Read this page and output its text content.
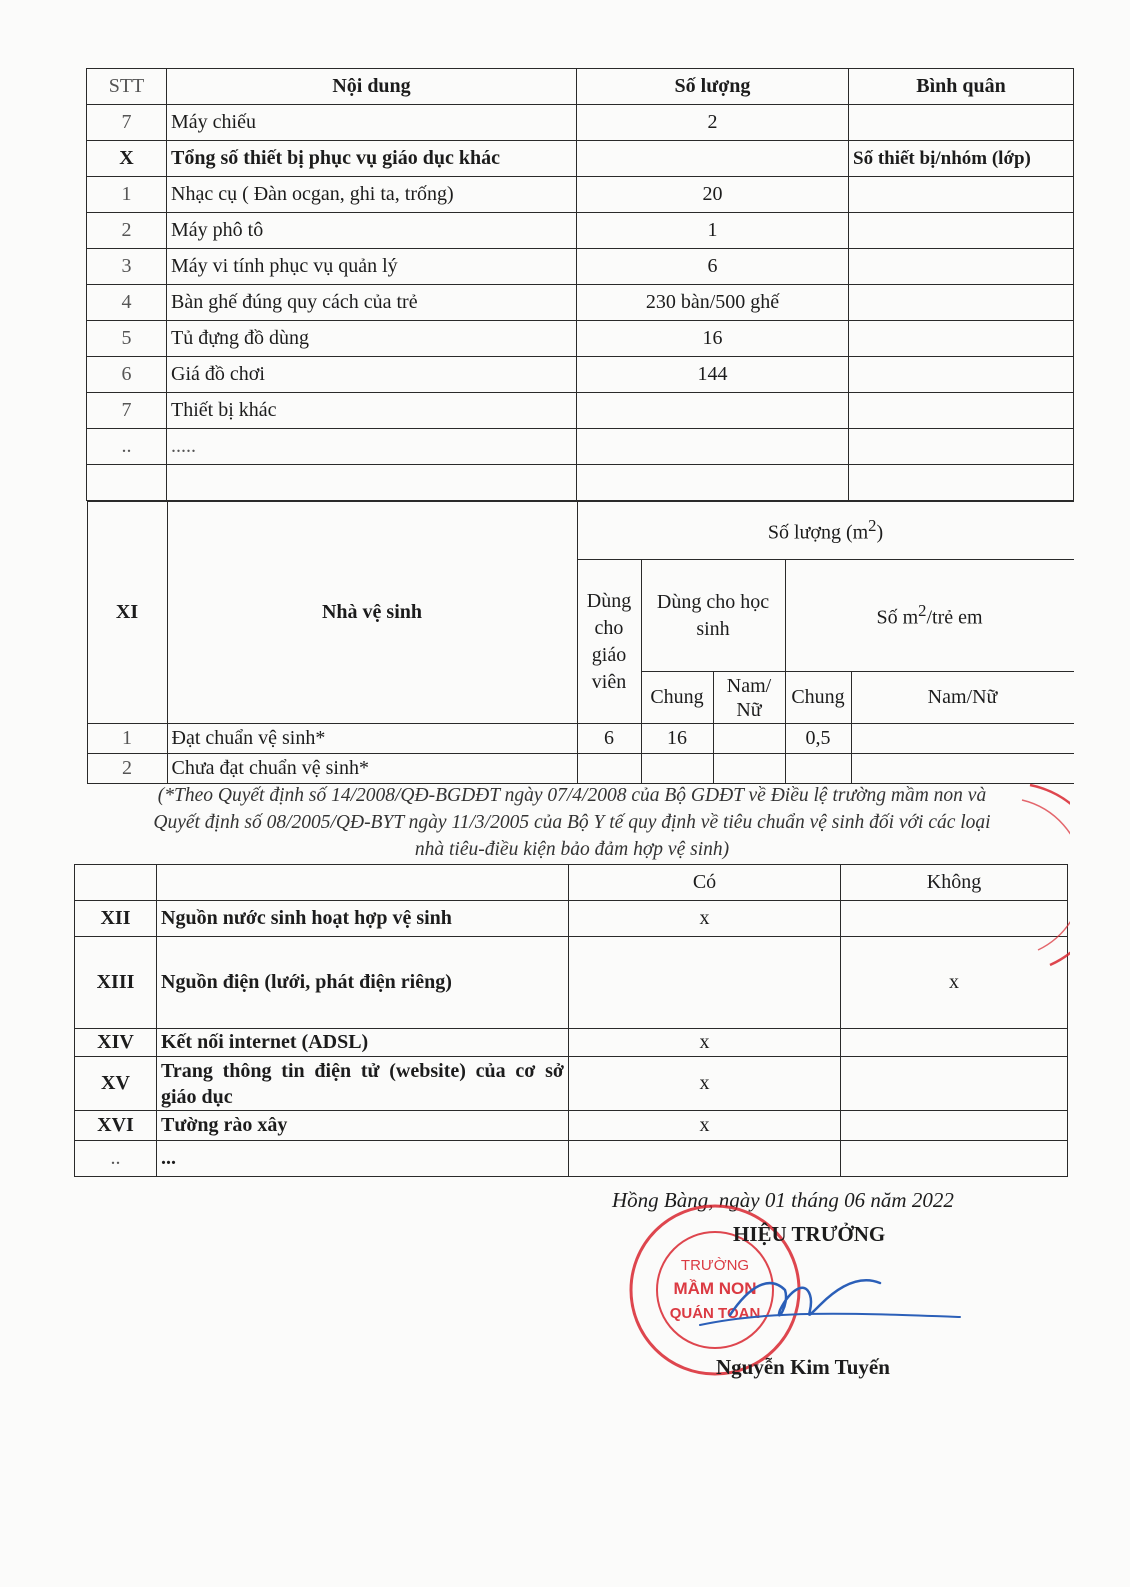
STT	Nội dung	Số lượng	Bình quân
7	Máy chiếu	2	
X	Tổng số thiết bị phục vụ giáo dục khác		Số thiết bị/nhóm (lớp)
1	Nhạc cụ ( Đàn ocgan, ghi ta, trống)	20	
2	Máy phô tô	1	
3	Máy vi tính phục vụ quản lý	6	
4	Bàn ghế đúng quy cách của trẻ	230 bàn/500 ghế	
5	Tủ đựng đồ dùng	16	
6	Giá đồ chơi	144	
7	Thiết bị khác		
..	.....		

XI	Nhà vệ sinh	Số lượng $(m^2)$
Dùng cho giáo viên	Dùng cho học sinh	Số $m^2$/trẻ em
Chung	Nam/ Nữ	Chung	Nam/Nữ
1	Đạt chuẩn vệ sinh*	6	16		0,5	
2	Chưa đạt chuẩn vệ sinh*					
(*Theo Quyết định số 14/2008/QĐ-BGDĐT ngày 07/4/2008 của Bộ GDĐT về Điều lệ trường mầm non và
Quyết định số 08/2005/QĐ-BYT ngày 11/3/2005 của Bộ Y tế quy định về tiêu chuẩn vệ sinh đối với các loại
nhà tiêu-điều kiện bảo đảm hợp vệ sinh)
		Có	Không
XII	Nguồn nước sinh hoạt hợp vệ sinh	x	
XIII	Nguồn điện (lưới, phát điện riêng)		x
XIV	Kết nối internet (ADSL)	x	
XV	Trang thông tin điện tử (website) của cơ sở giáo dục	x	
XVI	Tường rào xây	x	
..	...		
Hồng Bàng, ngày 01 tháng 06 năm 2022
TRƯỜNG
MẦM NON
QUÁN TOAN
HIỆU TRƯỞNG
Nguyễn Kim Tuyến
